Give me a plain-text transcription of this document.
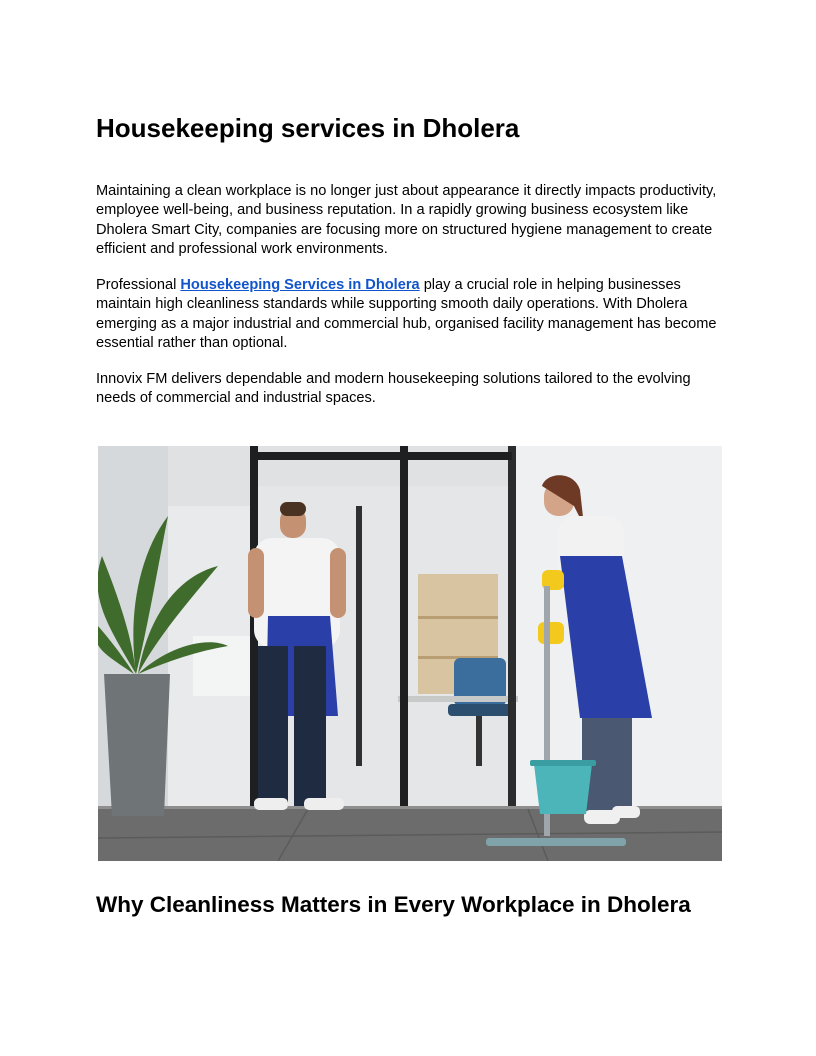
Housekeeping services in Dholera

Maintaining a clean workplace is no longer just about appearance it directly impacts productivity, employee well-being, and business reputation. In a rapidly growing business ecosystem like Dholera Smart City, companies are focusing more on structured hygiene management to create efficient and professional work environments.

Professional Housekeeping Services in Dholera play a crucial role in helping businesses maintain high cleanliness standards while supporting smooth daily operations. With Dholera emerging as a major industrial and commercial hub, organised facility management has become essential rather than optional.

Innovix FM delivers dependable and modern housekeeping solutions tailored to the evolving needs of commercial and industrial spaces.

Why Cleanliness Matters in Every Workplace in Dholera
